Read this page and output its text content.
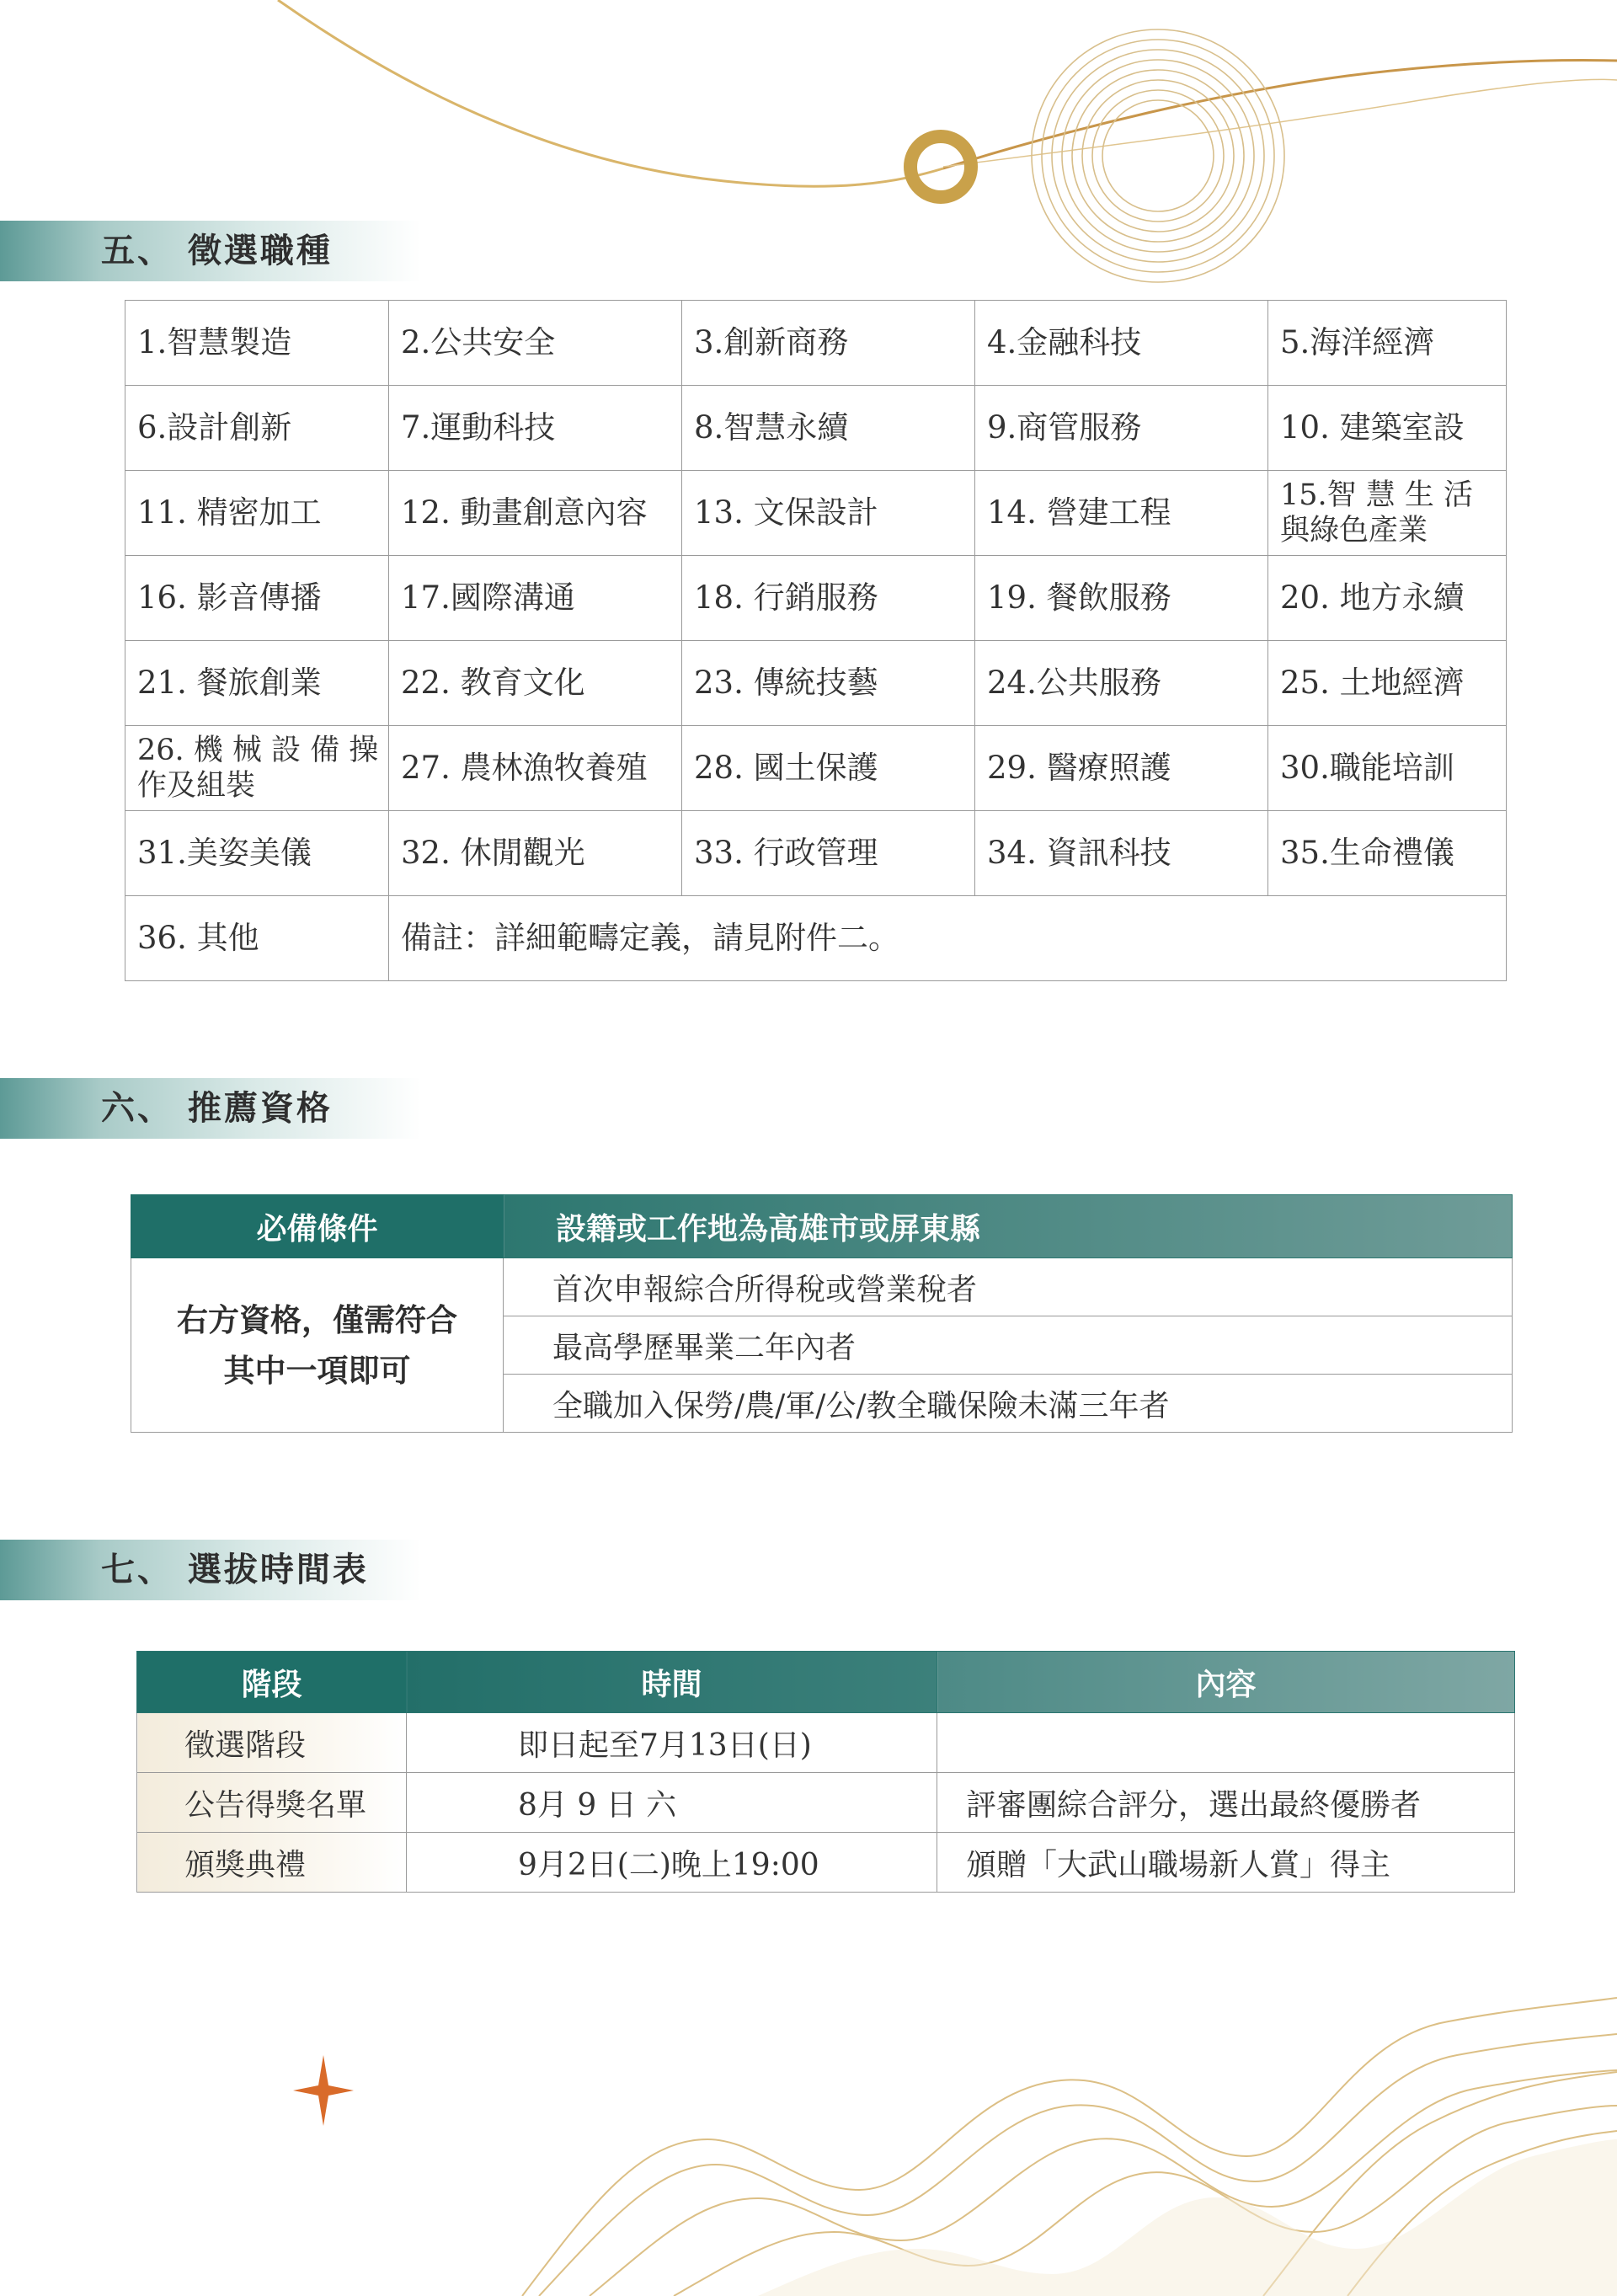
五、 徵選職種
1.智慧製造	2.公共安全	3.創新商務	4.金融科技	5.海洋經濟
6.設計創新	7.運動科技	8.智慧永續	9.商管服務	10. 建築室設
11. 精密加工	12. 動畫創意內容	13. 文保設計	14. 營建工程	15.智 慧 生 活 與綠色產業
16. 影音傳播	17.國際溝通	18. 行銷服務	19. 餐飲服務	20. 地方永續
21. 餐旅創業	22. 教育文化	23. 傳統技藝	24.公共服務	25. 土地經濟
26. 機 械 設 備 操作及組裝	27. 農林漁牧養殖	28. 國土保護	29. 醫療照護	30.職能培訓
31.美姿美儀	32. 休閒觀光	33. 行政管理	34. 資訊科技	35.生命禮儀
36. 其他	備註：詳細範疇定義，請見附件二。			
六、 推薦資格
必備條件	設籍或工作地為高雄市或屏東縣

右方資格，僅需符合
其中一項即可	首次申報綜合所得稅或營業稅者
	最高學歷畢業二年內者
	全職加入保勞/農/軍/公/教全職保險未滿三年者
七、 選拔時間表
階段	時間	內容
徵選階段	即日起至7月13日(日)	
公告得獎名單	8月 9 日 六	評審團綜合評分，選出最終優勝者
頒獎典禮	9月2日(二)晚上19:00	頒贈「大武山職場新人賞」得主
